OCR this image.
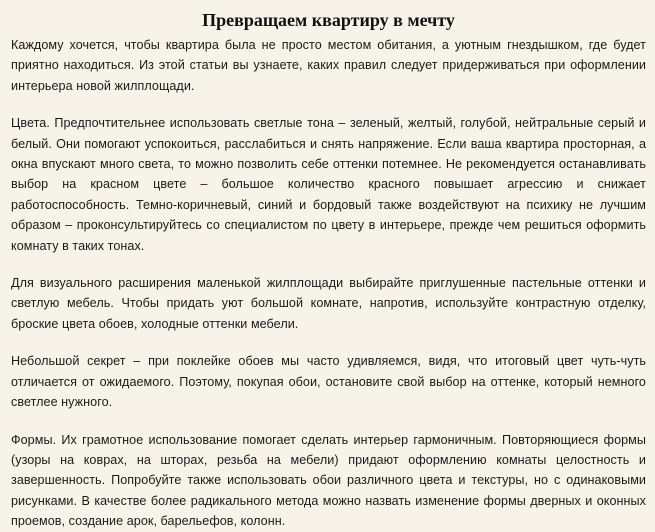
Превращаем квартиру в мечту

Каждому хочется, чтобы квартира была не просто местом обитания, а уютным гнездышком, где будет приятно находиться. Из этой статьи вы узнаете, каких правил следует придерживаться при оформлении интерьера новой жилплощади.

Цвета. Предпочтительнее использовать светлые тона – зеленый, желтый, голубой, нейтральные серый и белый. Они помогают успокоиться, расслабиться и снять напряжение. Если ваша квартира просторная, а окна впускают много света, то можно позволить себе оттенки потемнее. Не рекомендуется останавливать выбор на красном цвете – большое количество красного повышает агрессию и снижает работоспособность. Темно-коричневый, синий и бордовый также воздействуют на психику не лучшим образом – проконсультируйтесь со специалистом по цвету в интерьере, прежде чем решиться оформить комнату в таких тонах.

Для визуального расширения маленькой жилплощади выбирайте приглушенные пастельные оттенки и светлую мебель. Чтобы придать уют большой комнате, напротив, используйте контрастную отделку, броские цвета обоев, холодные оттенки мебели.

Небольшой секрет – при поклейке обоев мы часто удивляемся, видя, что итоговый цвет чуть-чуть отличается от ожидаемого. Поэтому, покупая обои, остановите свой выбор на оттенке, который немного светлее нужного.

Формы. Их грамотное использование помогает сделать интерьер гармоничным. Повторяющиеся формы (узоры на коврах, на шторах, резьба на мебели) придают оформлению комнаты целостность и завершенность. Попробуйте также использовать обои различного цвета и текстуры, но с одинаковыми рисунками. В качестве более радикального метода можно назвать изменение формы дверных и оконных проемов, создание арок, барельефов, колонн.
